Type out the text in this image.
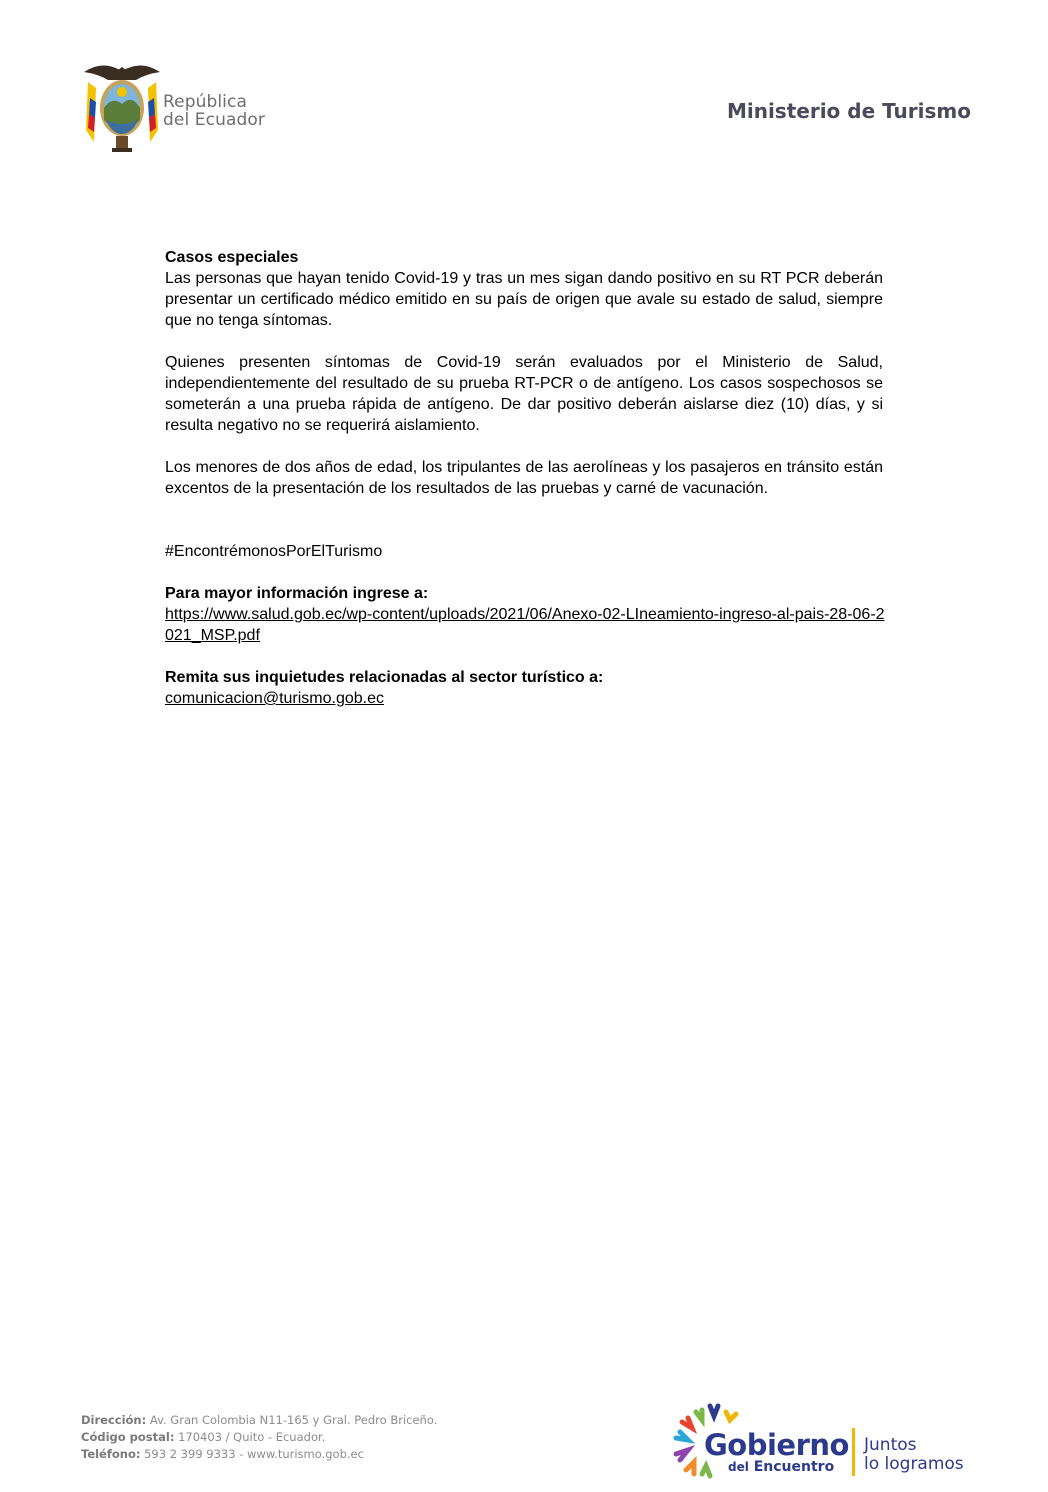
República
del Ecuador	Ministerio de Turismo

Casos especiales

Las personas que hayan tenido Covid-19 y tras un mes sigan dando positivo en su RT PCR deberán presentar un certificado médico emitido en su país de origen que avale su estado de salud, siempre que no tenga síntomas.

Quienes presenten síntomas de Covid-19 serán evaluados por el Ministerio de Salud, independientemente del resultado de su prueba RT-PCR o de antígeno. Los casos sospechosos se someterán a una prueba rápida de antígeno. De dar positivo deberán aislarse diez (10) días, y si resulta negativo no se requerirá aislamiento.

Los menores de dos años de edad, los tripulantes de las aerolíneas y los pasajeros en tránsito están excentos de la presentación de los resultados de las pruebas y carné de vacunación.

#EncontrémonosPorElTurismo

Para mayor información ingrese a:

https://www.salud.gob.ec/wp-content/uploads/2021/06/Anexo-02-LIneamiento-ingreso-al-pais-28-06-2021_MSP.pdf

Remita sus inquietudes relacionadas al sector turístico a:

comunicacion@turismo.gob.ec
Dirección: Av. Gran Colombia N11-165 y Gral. Pedro Briceño.
Código postal: 170403 / Quito - Ecuador.
Teléfono: 593 2 399 9333 - www.turismo.gob.ec	Gobierno
del Encuentro
Juntos
lo logramos
